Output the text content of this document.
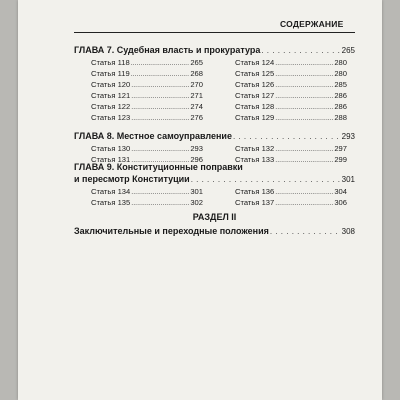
СОДЕРЖАНИЕ
ГЛАВА 7. Судебная власть и прокуратура . . .	265
Статья 118 .....	265
Статья 119 .....	268
Статья 120 .....	270
Статья 121 .....	271
Статья 122 .....	274
Статья 123 .....	276
Статья 124 .....	280
Статья 125 .....	280
Статья 126 .....	285
Статья 127 .....	286
Статья 128 .....	286
Статья 129 .....	288
ГЛАВА 8. Местное самоуправление . . .	293
Статья 130 .....	293
Статья 131 .....	296
Статья 132 .....	297
Статья 133 .....	299
ГЛАВА 9. Конституционные поправки
и пересмотр Конституции . . .	301
Статья 134 .....	301
Статья 135 .....	302
Статья 136 .....	304
Статья 137 .....	306
РАЗДЕЛ II
Заключительные и переходные положения . . .	308
